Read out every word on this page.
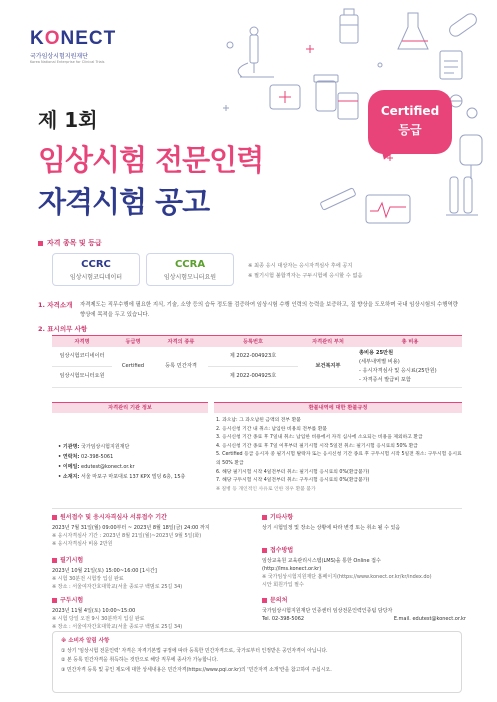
KONECT
국가임상시험지원재단
Korea National Enterprise for Clinical Trials
제 1회
임상시험 전문인력
자격시험 공고
Certified
등급
자격 종목 및 등급
CCRC
임상시험코디네이터
CCRA
임상시험모니터요원
※ 최종 응시 대상자는 응시자격심사 후에 공지
※ 필기시험 불합격자는 구두시험에 응시할 수 없음
1. 자격소개 자격제도는 직무수행에 필요한 지식, 기술, 소양 등의 습득 정도를 검증하여 임상시험 수행 인력의 능력을 보증하고, 질 향상을 도모하며 국내 임상시험의 수행역량 향상에 목적을 두고 있습니다.
2. 표시의무 사항
자격명	등급명	자격의 종류	등록번호	자격관리 부처	총 비용
임상시험코디네이터	Certified	등록 민간자격	제 2022-004923호	보건복지부	총비용 25만원
(세부내역별 비용)
- 응시자격심사 및 응시료(25만원)
- 자격증서 발급비 포함

임상시험모니터요원			제 2022-004925호		
자격관리 기관 정보	환불내역에 대한 환불규정
• 기관명: 국가임상시험지원재단
• 연락처: 02-398-5061
• 이메일: edutest@konect.or.kr
• 소재지: 서울 마포구 마포대로 137 KPX 빌딩 6층, 15층
1. 과오납: 그 과오납된 금액의 전부 환불
2. 응시신청 기간 내 취소: 납입한 비용의 전부를 환불
3. 응시신청 기간 종료 후 7일내 취소: 납입한 비용에서 자격 심사에 소요되는 비용을 제외하고 환급
4. 응시신청 기간 종료 후 7일 이후부터 필기시험 시작 5일전 취소: 필기시험 응시료의 50% 환급
5. Certified 등급 응시자 중 필기시험 탈락자 또는 응시신청 기간 종료 후 구두시험 시작 5일전 취소: 구두시험 응시료의 50% 환급
6. 해당 필기시험 시작 4일전부터 취소: 필기시험 응시료의 0%(환급불가)
7. 해당 구두시험 시작 4일전부터 취소: 구두시험 응시료의 0%(환급불가)
※ 질병 등 개인적인 사유로 인한 경우 환불 불가
원서접수 및 응시자격심사 서류접수 기간
2023년 7월 31일(월) 09:00부터 ~ 2023년 8월 18일(금) 24:00 까지
※ 응시자격심사 기간 : 2023년 8월 21일(월)~2023년 9월 5일(화)
※ 응시자격심사 비용 2만원
필기시험
2023년 10월 21일(토) 15:00~16:00 [1시간]
※ 시험 30분전 시험장 입실 완료
※ 장소 : 서울여자간호대학교(서울 종로구 백범로 25길 34)
구두시험
2023년 11월 4일(토) 10:00~15:00
※ 시험 당일 오전 9시 30분까지 입실 완료
※ 장소 : 서울여자간호대학교(서울 종로구 백범로 25길 34)
기타사항
상기 시험일정 및 장소는 상황에 따라 변경 또는 취소 될 수 있음
접수방법
임상교육원 교육관리시스템(LMS)을 통한 Online 접수
(http://lms.konect.or.kr)
※ 국가임상시험지원재단 홈페이지(https://www.konect.or.kr/kr/index.do)
시안 회원가입 필수
문의처
국가임상시험지원재단 인증센터 임상전문인력인증팀 담당자
Tel. 02-398-5062	E.mail. edutest@konect.or.kr
※ 소비자 알림 사항
① 상기 '임상시험 전문인력' 자격은 자격기본법 규정에 따라 등록한 민간자격으로, 국가로부터 인정받은 공인자격이 아닙니다.
② 본 등록 민간자격을 취득하는 것만으로 해당 직무에 종사가 가능합니다.
③ 민간자격 등록 및 공인 제도에 대한 상세내용은 민간자격(https://www.pqi.or.kr)의 '민간자격 소개'란을 참고하여 주십시오.
